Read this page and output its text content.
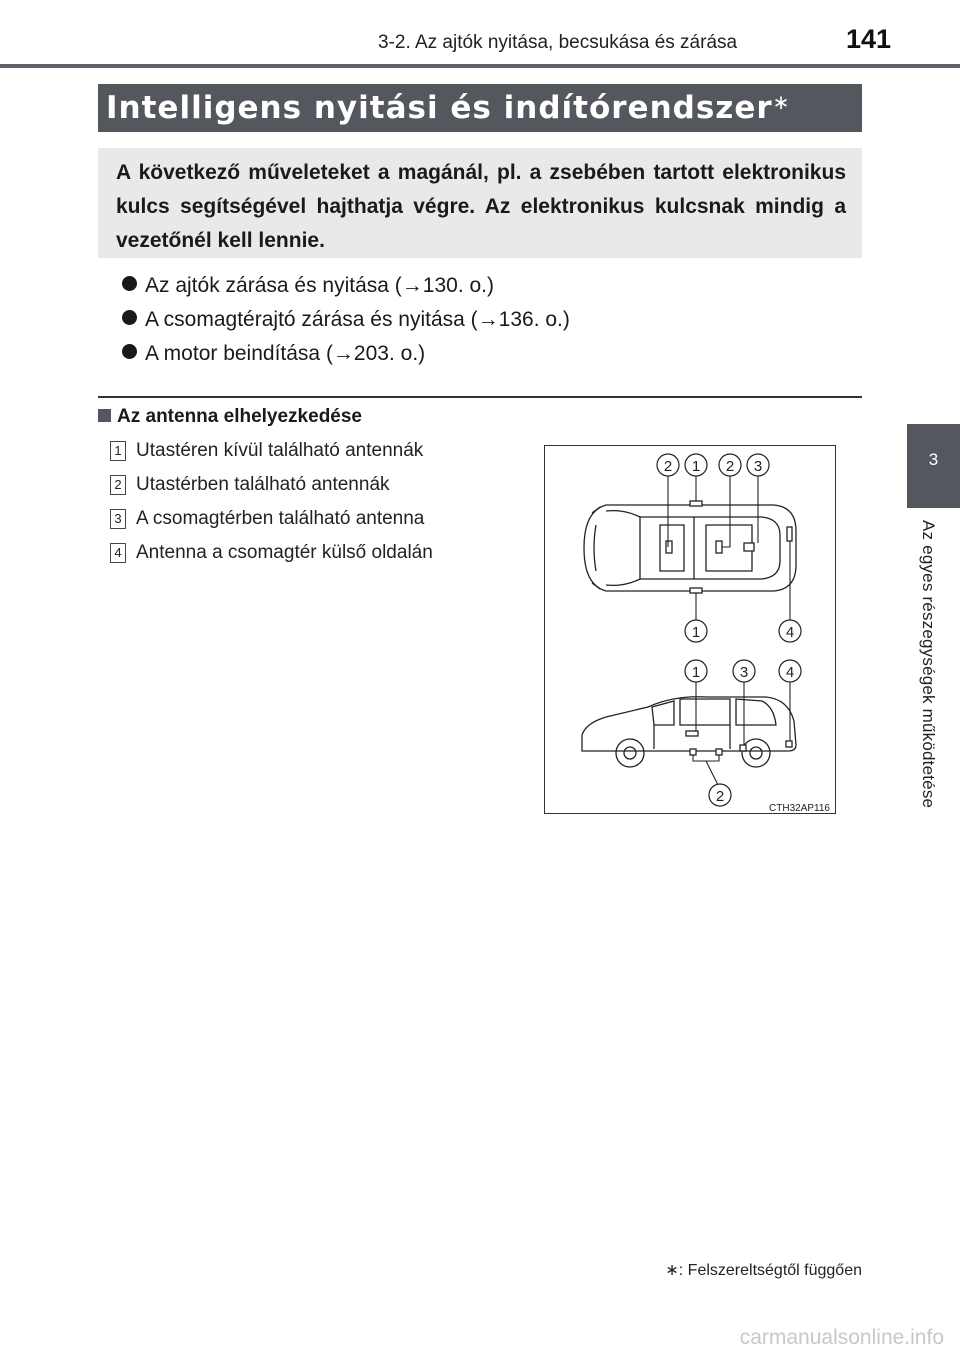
3-2. Az ajtók nyitása, becsukása és zárása	141
3
Az egyes részegységek működtetése
Intelligens nyitási és indítórendszer∗
A következő műveleteket a magánál, pl. a zsebében tartott elektronikus kulcs segítségével hajthatja végre. Az elektronikus kulcsnak mindig a vezetőnél kell lennie.
Az ajtók zárása és nyitása (→130. o.)
A csomagtérajtó zárása és nyitása (→136. o.)
A motor beindítása (→203. o.)
Az antenna elhelyezkedése
1 Utastéren kívül található antennák
2 Utastérben található antennák
3 A csomagtérben található antenna
4 Antenna a csomagtér külső oldalán
2 1 2 3
1	4
1	3	4
2
CTH32AP116
∗: Felszereltségtől függően
carmanualsonline.info
